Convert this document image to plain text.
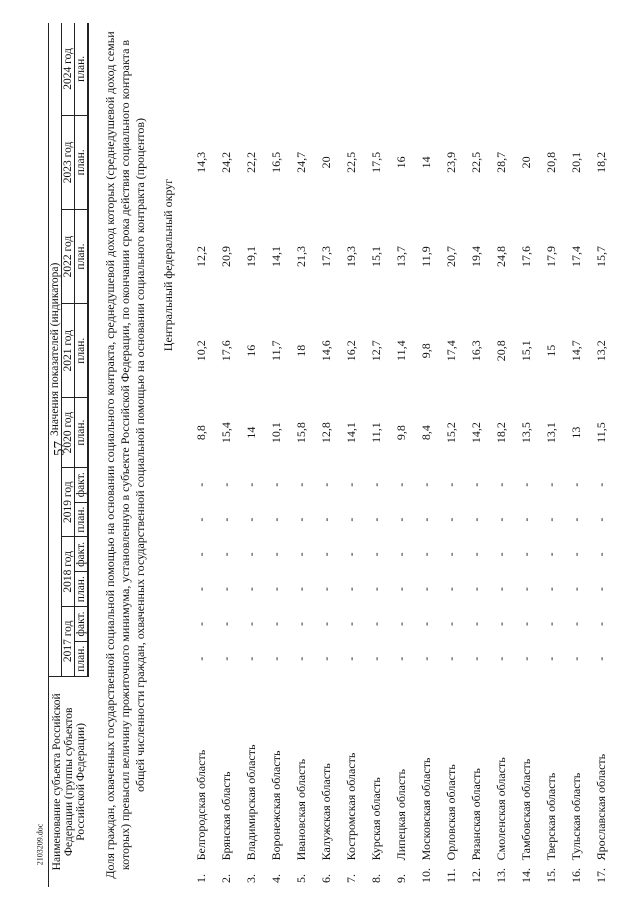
57
2103209.doc Наименование субъекта Российской Федерации (группы субъектов Российской Федерации)		Значения показателей (индикатора)										
		2017 год		2018 год		2019 год		2020 год	2021 год	2022 год	2023 год	2024 год
		план.	факт.	план.	факт.	план.	факт.	план.	план.	план.	план.	план.
Доля граждан, охваченных государственной социальной помощью на основании социального контракта, среднедушевой доход которых (среднедушевой доход семьи которых) превысил величину прожиточного минимума, установленную в субъекте Российской Федерации, по окончании срока действия социального контракта в общей численности граждан, охваченных государственной социальной помощью на основании социального контракта (процентов)												
Центральный федеральный округ												
1.	Белгородская область	-	-	-	-	-	-	8,8	10,2	12,2	14,3	
2.	Брянская область	-	-	-	-	-	-	15,4	17,6	20,9	24,2	
3.	Владимирская область	-	-	-	-	-	-	14	16	19,1	22,2	
4.	Воронежская область	-	-	-	-	-	-	10,1	11,7	14,1	16,5	
5.	Ивановская область	-	-	-	-	-	-	15,8	18	21,3	24,7	
6.	Калужская область	-	-	-	-	-	-	12,8	14,6	17,3	20	
7.	Костромская область	-	-	-	-	-	-	14,1	16,2	19,3	22,5	
8.	Курская область	-	-	-	-	-	-	11,1	12,7	15,1	17,5	
9.	Липецкая область	-	-	-	-	-	-	9,8	11,4	13,7	16	
10.	Московская область	-	-	-	-	-	-	8,4	9,8	11,9	14	
11.	Орловская область	-	-	-	-	-	-	15,2	17,4	20,7	23,9	
12.	Рязанская область	-	-	-	-	-	-	14,2	16,3	19,4	22,5	
13.	Смоленская область	-	-	-	-	-	-	18,2	20,8	24,8	28,7	
14.	Тамбовская область	-	-	-	-	-	-	13,5	15,1	17,6	20	
15.	Тверская область	-	-	-	-	-	-	13,1	15	17,9	20,8	
16.	Тульская область	-	-	-	-	-	-	13	14,7	17,4	20,1	
17.	Ярославская область	-	-	-	-	-	-	11,5	13,2	15,7	18,2	
